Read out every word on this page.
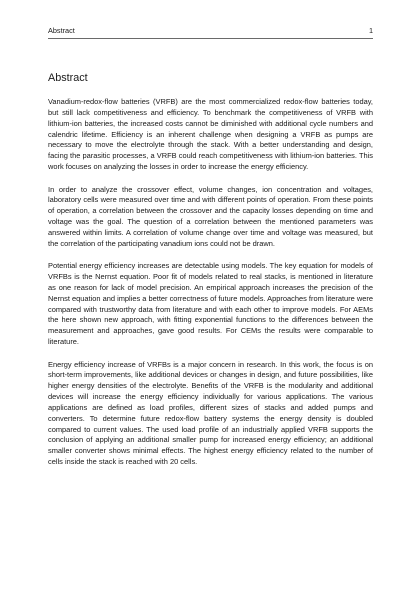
Abstract	1
Abstract

Vanadium-redox-flow batteries (VRFB) are the most commercialized redox-flow batteries today, but still lack competitiveness and efficiency. To benchmark the competitiveness of VRFB with lithium-ion batteries, the increased costs cannot be diminished with additional cycle numbers and calendric lifetime. Efficiency is an inherent challenge when designing a VRFB as pumps are necessary to move the electrolyte through the stack. With a better understanding and design, facing the parasitic processes, a VRFB could reach competitiveness with lithium-ion batteries. This work focuses on analyzing the losses in order to increase the energy efficiency.

In order to analyze the crossover effect, volume changes, ion concentration and voltages, laboratory cells were measured over time and with different points of operation. From these points of operation, a correlation between the crossover and the capacity losses depending on time and voltage was the goal. The question of a correlation between the mentioned parameters was answered within limits. A correlation of volume change over time and voltage was measured, but the correlation of the participating vanadium ions could not be drawn.

Potential energy efficiency increases are detectable using models. The key equation for models of VRFBs is the Nernst equation. Poor fit of models related to real stacks, is mentioned in literature as one reason for lack of model precision. An empirical approach increases the precision of the Nernst equation and implies a better correctness of future models. Approaches from literature were compared with trustworthy data from literature and with each other to improve models. For AEMs the here shown new approach, with fitting exponential functions to the differences between the measurement and approaches, gave good results. For CEMs the results were comparable to literature.

Energy efficiency increase of VRFBs is a major concern in research. In this work, the focus is on short-term improvements, like additional devices or changes in design, and future possibilities, like higher energy densities of the electrolyte. Benefits of the VRFB is the modularity and additional devices will increase the energy efficiency individually for various applications. The various applications are defined as load profiles, different sizes of stacks and added pumps and converters. To determine future redox-flow battery systems the energy density is doubled compared to current values. The used load profile of an industrially applied VRFB supports the conclusion of applying an additional smaller pump for increased energy efficiency; an additional smaller converter shows minimal effects. The highest energy efficiency related to the number of cells inside the stack is reached with 20 cells.
